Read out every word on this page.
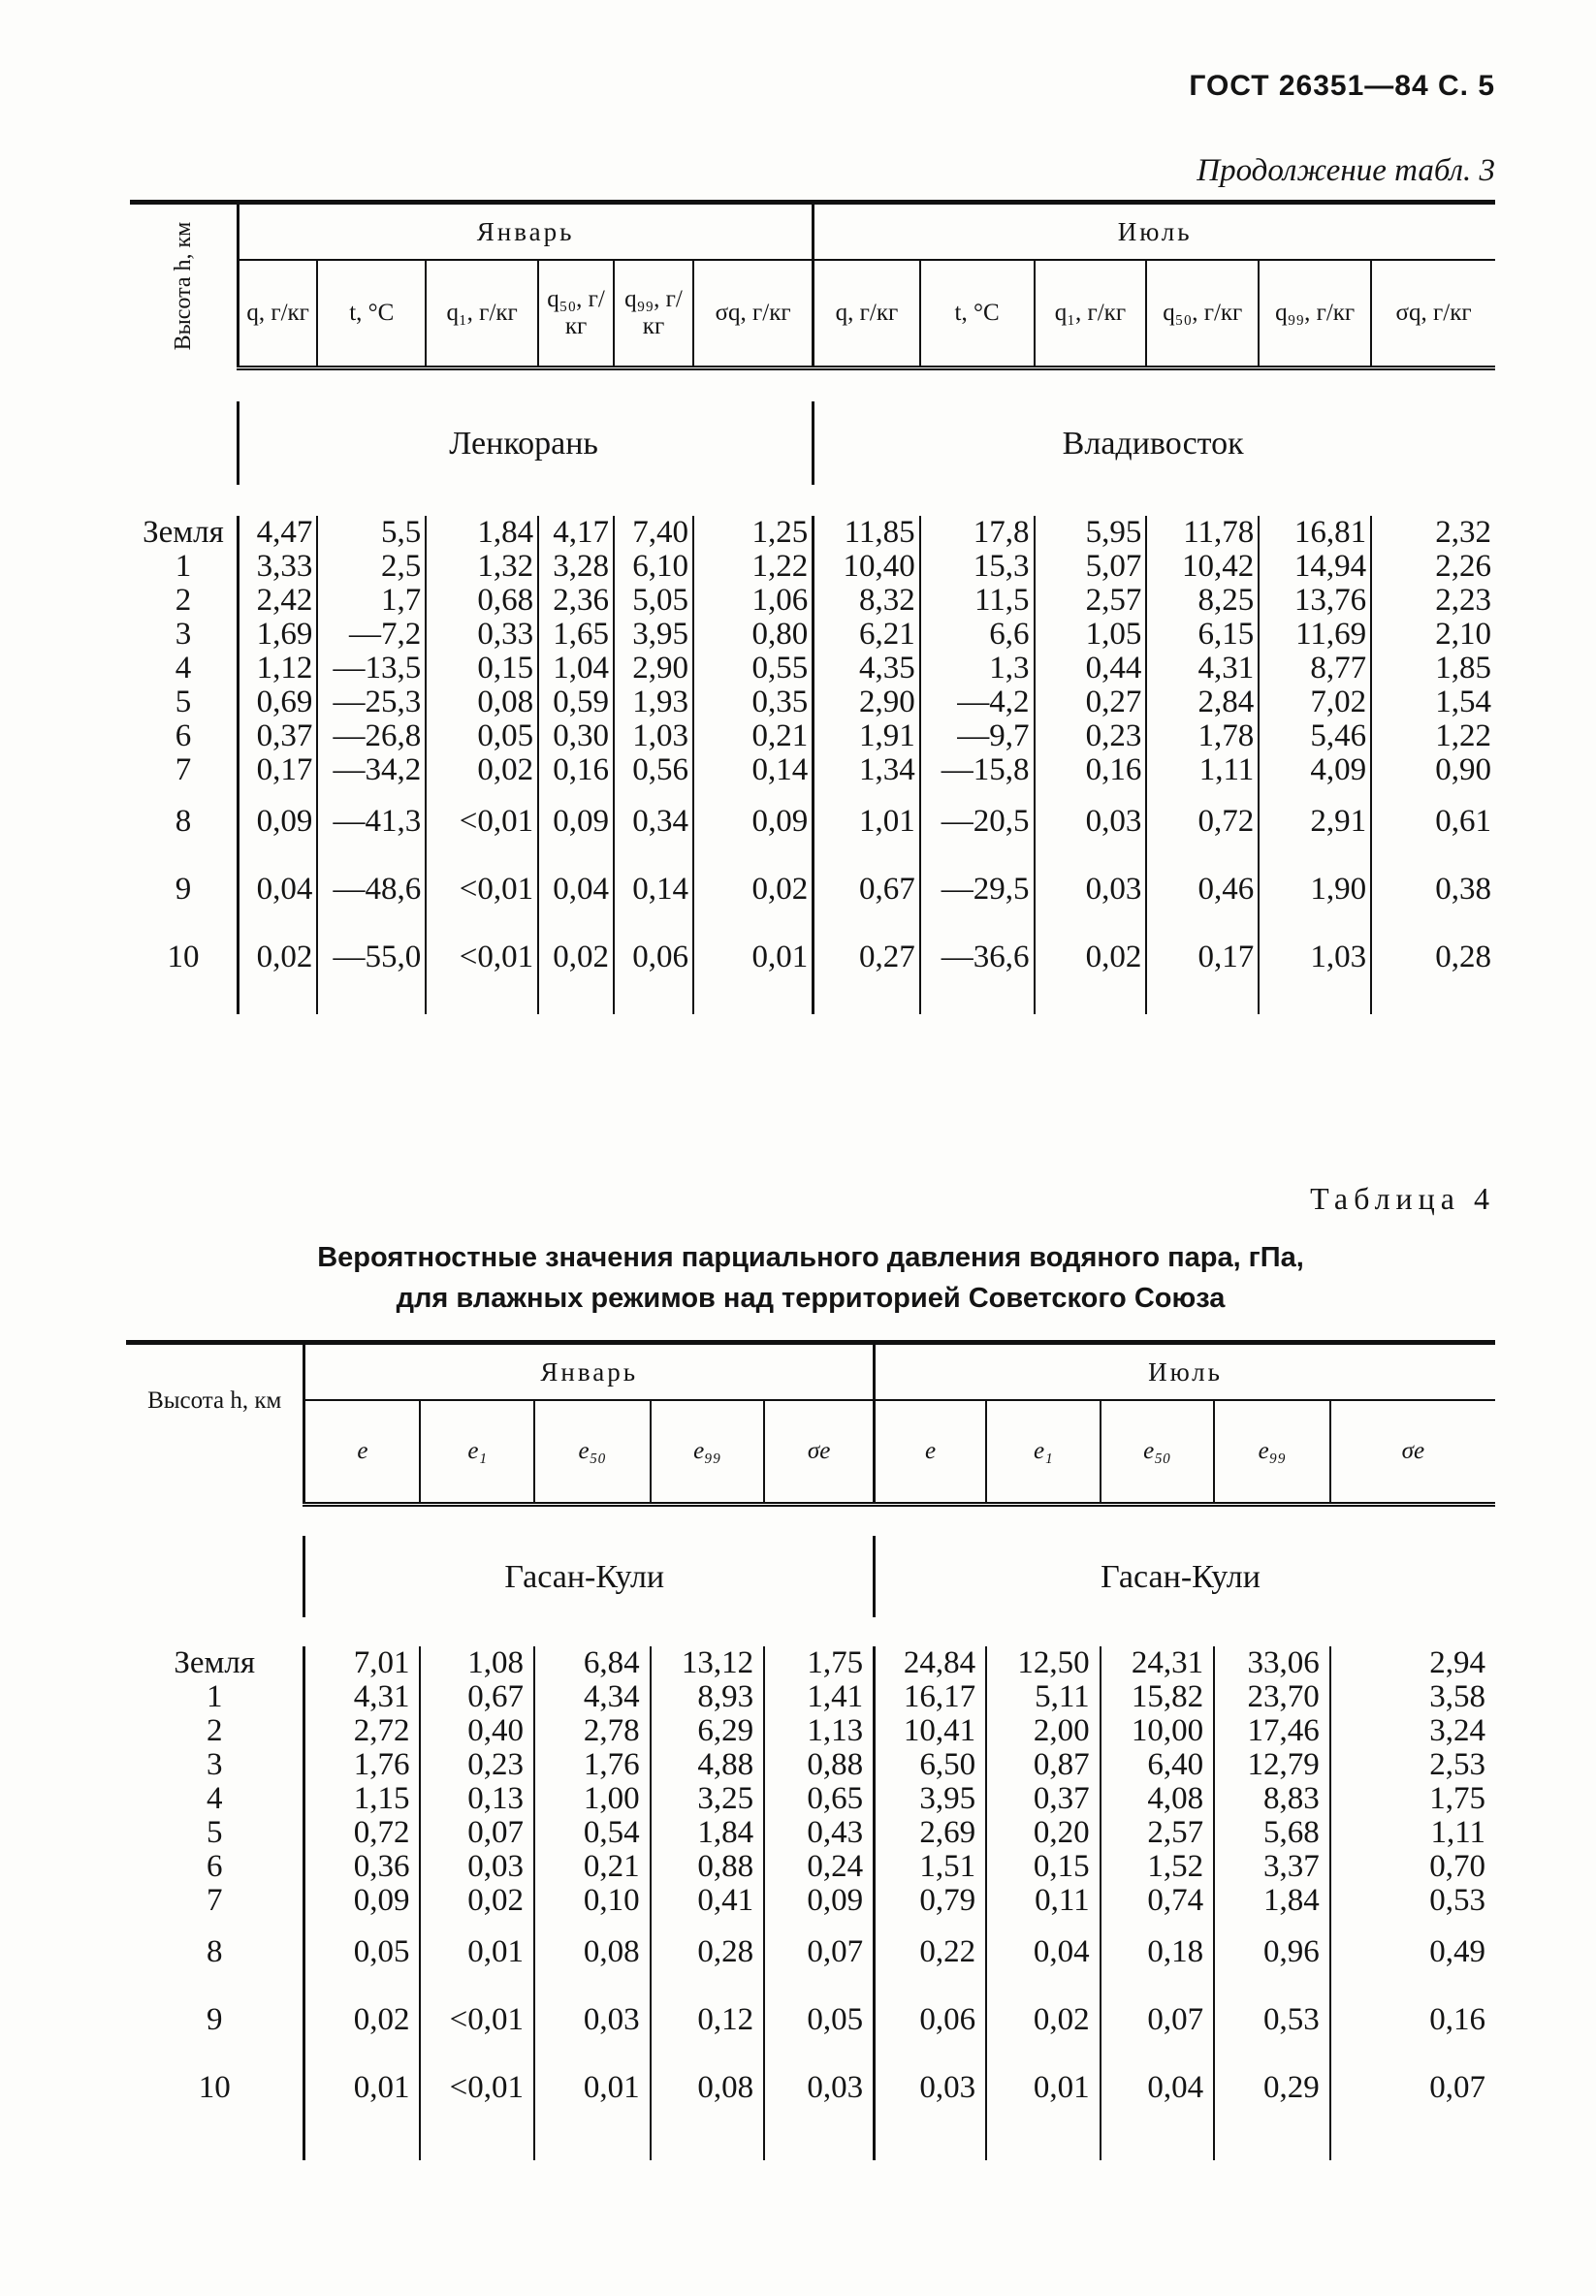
ГОСТ 26351—84 С. 5
Продолжение табл. 3
Высота h, км	Январь						Июль					
	q, г/кг	t, °C	q₁, г/кг	q₅₀, г/кг	q₉₉, г/кг	σq, г/кг	q, г/кг	t, °C	q₁, г/кг	q₅₀, г/кг	q₉₉, г/кг	σq, г/кг

	Ленкорань						Владивосток					

Земля	4,47	5,5	1,84	4,17	7,40	1,25	11,85	17,8	5,95	11,78	16,81	2,32
1	3,33	2,5	1,32	3,28	6,10	1,22	10,40	15,3	5,07	10,42	14,94	2,26
2	2,42	1,7	0,68	2,36	5,05	1,06	8,32	11,5	2,57	8,25	13,76	2,23
3	1,69	—7,2	0,33	1,65	3,95	0,80	6,21	6,6	1,05	6,15	11,69	2,10
4	1,12	—13,5	0,15	1,04	2,90	0,55	4,35	1,3	0,44	4,31	8,77	1,85
5	0,69	—25,3	0,08	0,59	1,93	0,35	2,90	—4,2	0,27	2,84	7,02	1,54
6	0,37	—26,8	0,05	0,30	1,03	0,21	1,91	—9,7	0,23	1,78	5,46	1,22
7	0,17	—34,2	0,02	0,16	0,56	0,14	1,34	—15,8	0,16	1,11	4,09	0,90
8	0,09	—41,3	<0,01	0,09	0,34	0,09	1,01	—20,5	0,03	0,72	2,91	0,61
9	0,04	—48,6	<0,01	0,04	0,14	0,02	0,67	—29,5	0,03	0,46	1,90	0,38
10	0,02	—55,0	<0,01	0,02	0,06	0,01	0,27	—36,6	0,02	0,17	1,03	0,28

Таблица 4
Вероятностные значения парциального давления водяного пара, гПа,
для влажных режимов над территорией Советского Союза
Высота h, км	Январь					Июль				
	e	e₁	e₅₀	e₉₉	σe	e	e₁	e₅₀	e₉₉	σe

	Гасан-Кули					Гасан-Кули				

Земля	7,01	1,08	6,84	13,12	1,75	24,84	12,50	24,31	33,06	2,94
1	4,31	0,67	4,34	8,93	1,41	16,17	5,11	15,82	23,70	3,58
2	2,72	0,40	2,78	6,29	1,13	10,41	2,00	10,00	17,46	3,24
3	1,76	0,23	1,76	4,88	0,88	6,50	0,87	6,40	12,79	2,53
4	1,15	0,13	1,00	3,25	0,65	3,95	0,37	4,08	8,83	1,75
5	0,72	0,07	0,54	1,84	0,43	2,69	0,20	2,57	5,68	1,11
6	0,36	0,03	0,21	0,88	0,24	1,51	0,15	1,52	3,37	0,70
7	0,09	0,02	0,10	0,41	0,09	0,79	0,11	0,74	1,84	0,53
8	0,05	0,01	0,08	0,28	0,07	0,22	0,04	0,18	0,96	0,49
9	0,02	<0,01	0,03	0,12	0,05	0,06	0,02	0,07	0,53	0,16
10	0,01	<0,01	0,01	0,08	0,03	0,03	0,01	0,04	0,29	0,07
